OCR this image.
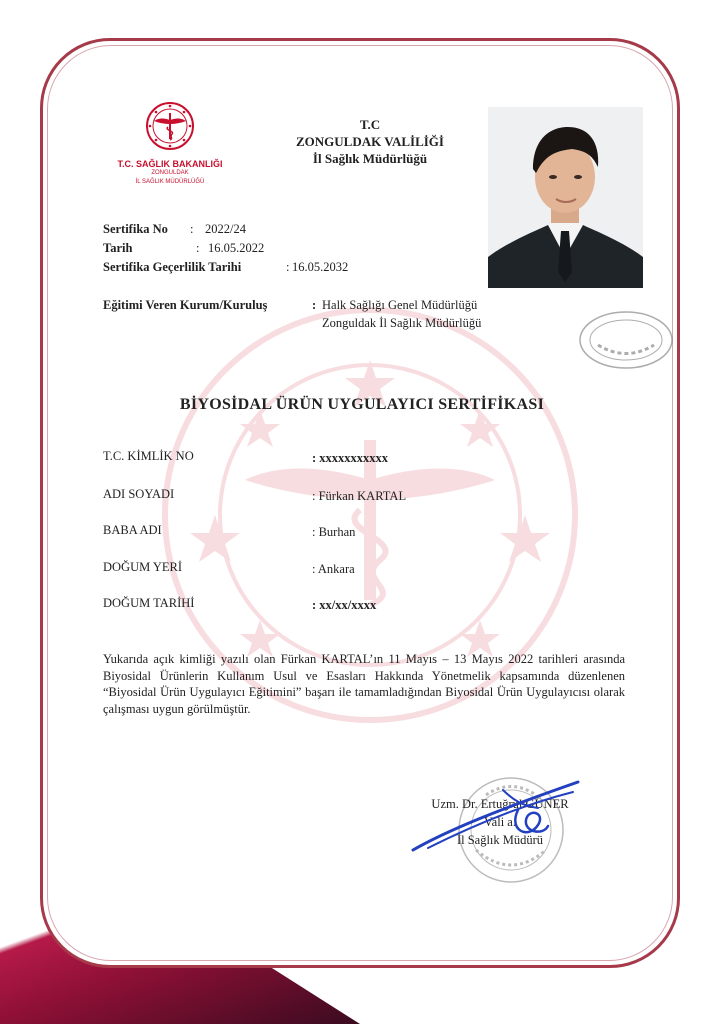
T.C. SAĞLIK BAKANLIĞI
ZONGULDAK
İL SAĞLIK MÜDÜRLÜĞÜ
T.C
ZONGULDAK VALİLİĞİ
İl Sağlık Müdürlüğü
Sertifika No : 2022/24
Tarih	: 16.05.2022
Sertifika Geçerlilik Tarihi	: 16.05.2032
Eğitimi Veren Kurum/Kuruluş	: Halk Sağlığı Genel Müdürlüğü
Zonguldak İl Sağlık Müdürlüğü
BİYOSİDAL ÜRÜN UYGULAYICI SERTİFİKASI
T.C. KİMLİK NO	: xxxxxxxxxxx
ADI SOYADI	: Fürkan KARTAL
BABA ADI	: Burhan
DOĞUM YERİ	: Ankara
DOĞUM TARİHİ	: xx/xx/xxxx
Yukarıda açık kimliği yazılı olan Fürkan KARTAL’ın 11 Mayıs – 13 Mayıs 2022 tarihleri arasında Biyosidal Ürünlerin Kullanım Usul ve Esasları Hakkında Yönetmelik kapsamında düzenlenen “Biyosidal Ürün Uygulayıcı Eğitimini” başarı ile tamamladığından Biyosidal Ürün Uygulayıcısı olarak çalışması uygun görülmüştür.
Uzm. Dr. Ertuğrul GÜNER
Vali a.
İl Sağlık Müdürü
